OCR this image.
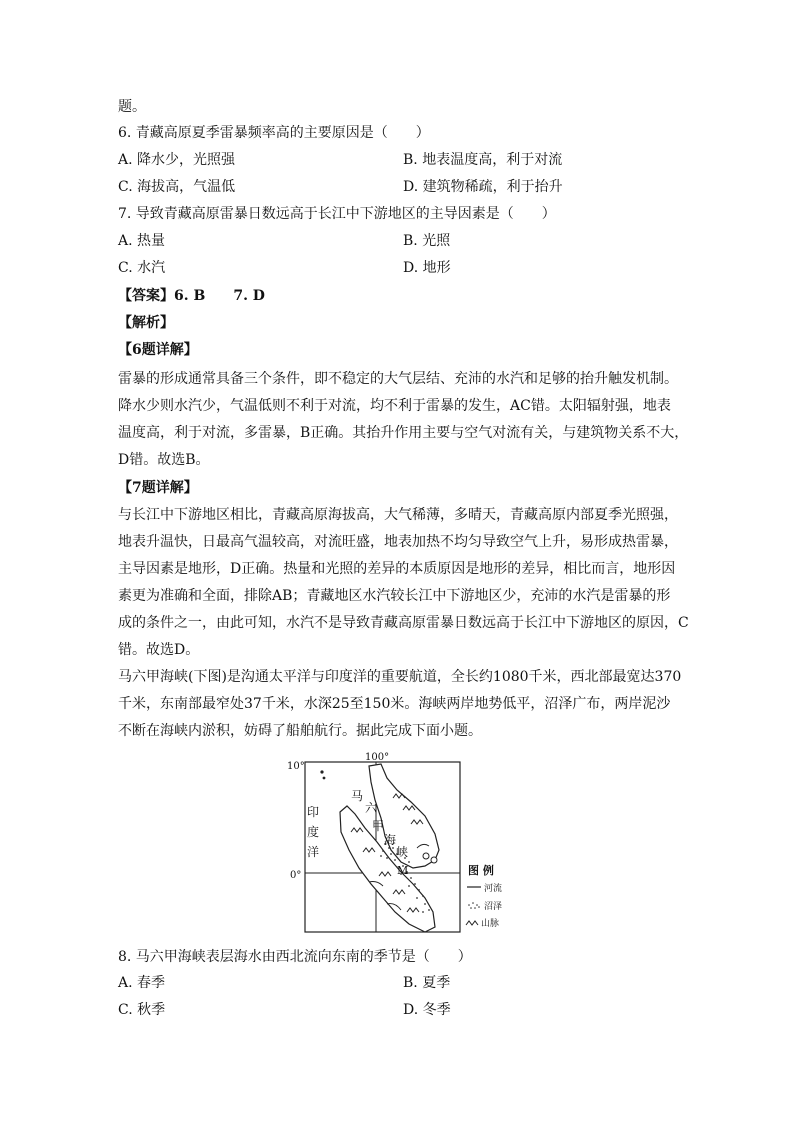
题。
6. 青藏高原夏季雷暴频率高的主要原因是（　　）
A. 降水少，光照强	B. 地表温度高，利于对流
C. 海拔高，气温低	D. 建筑物稀疏，利于抬升
7. 导致青藏高原雷暴日数远高于长江中下游地区的主导因素是（　　）
A. 热量	B. 光照
C. 水汽	D. 地形
【答案】6. B　　7. D
【解析】
【6题详解】
雷暴的形成通常具备三个条件，即不稳定的大气层结、充沛的水汽和足够的抬升触发机制。
降水少则水汽少，气温低则不利于对流，均不利于雷暴的发生，AC错。太阳辐射强，地表
温度高，利于对流，多雷暴，B正确。其抬升作用主要与空气对流有关，与建筑物关系不大，
D错。故选B。
【7题详解】
与长江中下游地区相比，青藏高原海拔高，大气稀薄，多晴天，青藏高原内部夏季光照强，
地表升温快，日最高气温较高，对流旺盛，地表加热不均匀导致空气上升，易形成热雷暴，
主导因素是地形，D正确。热量和光照的差异的本质原因是地形的差异，相比而言，地形因
素更为准确和全面，排除AB；青藏地区水汽较长江中下游地区少，充沛的水汽是雷暴的形
成的条件之一，由此可知，水汽不是导致青藏高原雷暴日数远高于长江中下游地区的原因，C
错。故选D。
马六甲海峡(下图)是沟通太平洋与印度洋的重要航道，全长约1080千米，西北部最宽达370
千米，东南部最窄处37千米，水深25至150米。海峡两岸地势低平，沼泽广布，两岸泥沙
不断在海峡内淤积，妨碍了船舶航行。据此完成下面小题。
10°
0°
100°
马
六
甲
海
峡
印
度
洋
M	图 例
河流
沼泽
山脉
8. 马六甲海峡表层海水由西北流向东南的季节是（　　）
A. 春季	B. 夏季
C. 秋季	D. 冬季
